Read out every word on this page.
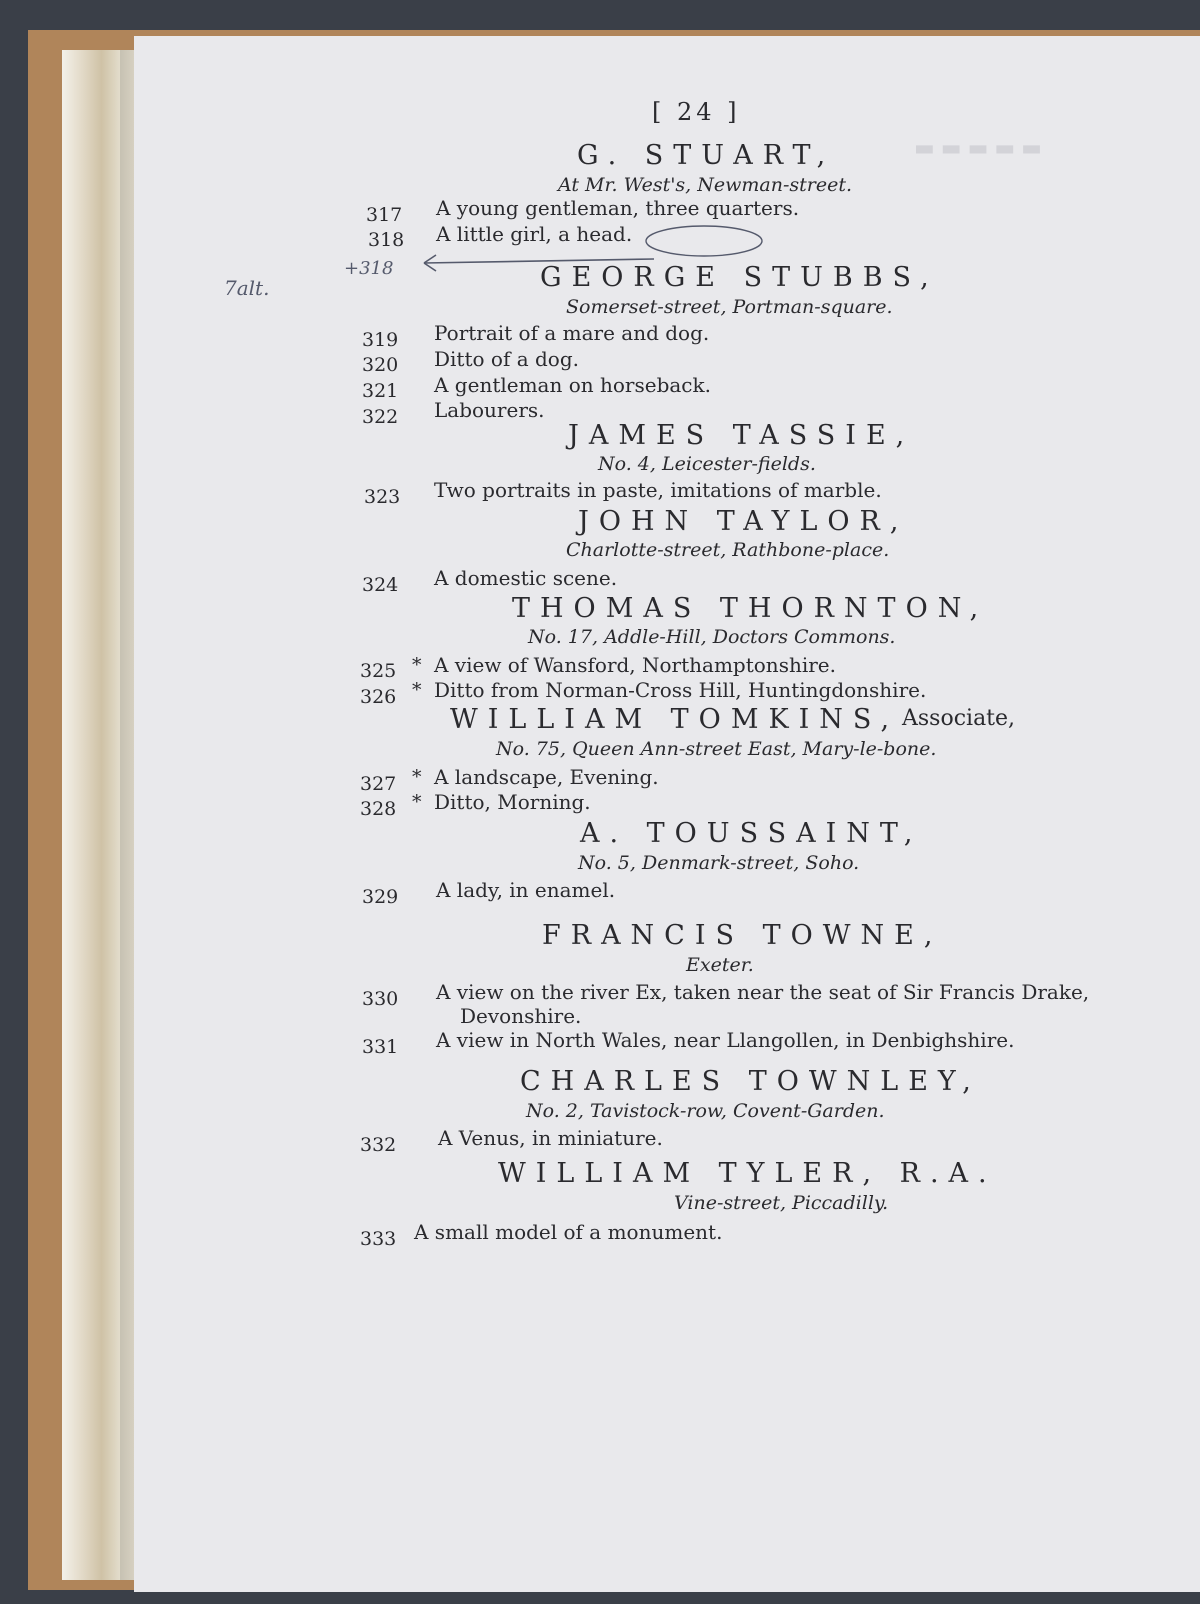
▬▬▬▬▬
[ 24 ]
7alt.
+318
G. STUART,
At Mr. West's, Newman-street.
317 A young gentleman, three quarters.
318 A little girl, a head.
GEORGE STUBBS,
Somerset-street, Portman-square.
319 Portrait of a mare and dog.
320 Ditto of a dog.
321 A gentleman on horseback.
322 Labourers.
JAMES TASSIE,
No. 4, Leicester-fields.
323 Two portraits in paste, imitations of marble.
JOHN TAYLOR,
Charlotte-street, Rathbone-place.
324 A domestic scene.
THOMAS THORNTON,
No. 17, Addle-Hill, Doctors Commons.
325 * A view of Wansford, Northamptonshire.
326 * Ditto from Norman-Cross Hill, Huntingdonshire.
WILLIAM TOMKINS, Associate,
No. 75, Queen Ann-street East, Mary-le-bone.
327 * A landscape, Evening.
328 * Ditto, Morning.
A. TOUSSAINT,
No. 5, Denmark-street, Soho.
329 A lady, in enamel.
FRANCIS TOWNE,
Exeter.
330 A view on the river Ex, taken near the seat of Sir Francis Drake,
Devonshire.
331 A view in North Wales, near Llangollen, in Denbighshire.
CHARLES TOWNLEY,
No. 2, Tavistock-row, Covent-Garden.
332 A Venus, in miniature.
WILLIAM TYLER, R.A.
Vine-street, Piccadilly.
333 A small model of a monument.
